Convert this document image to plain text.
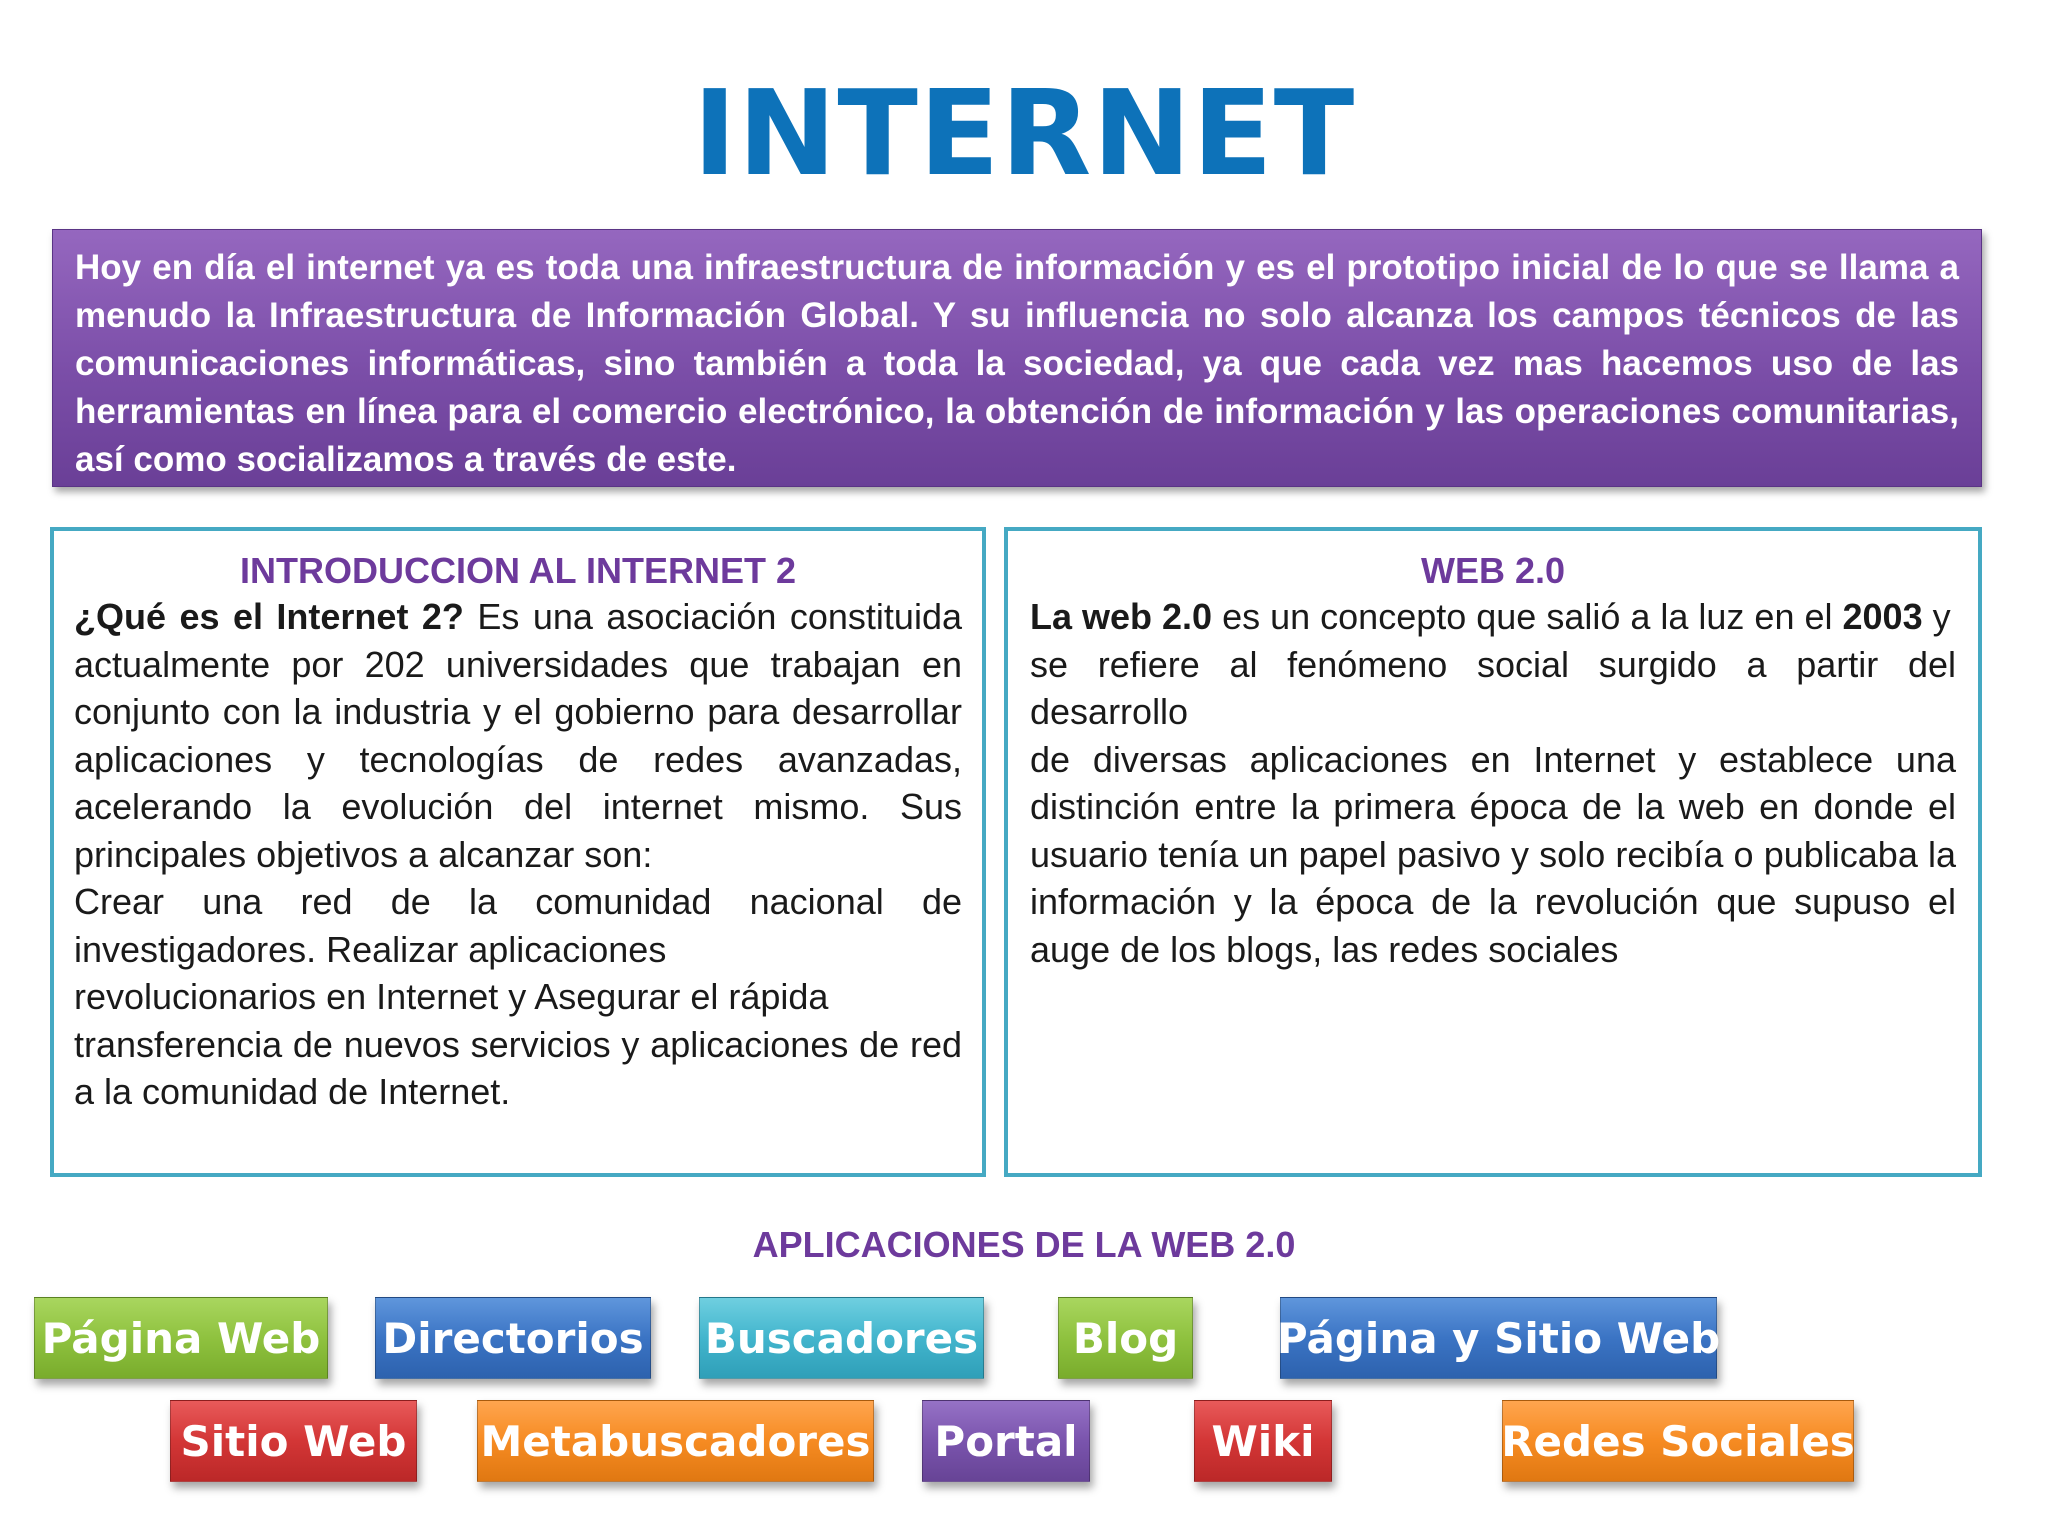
INTERNET
Hoy en día el internet ya es toda una infraestructura de información y es el prototipo inicial de lo que se llama a menudo la Infraestructura de Información Global. Y su influencia no solo alcanza los campos técnicos de las comunicaciones informáticas, sino también a toda la sociedad, ya que cada vez mas hacemos uso de las herramientas en línea para el comercio electrónico, la obtención de información y las operaciones comunitarias, así como socializamos a través de este.
INTRODUCCION AL INTERNET 2

¿Qué es el Internet 2? Es una asociación constituida actualmente por 202 universidades que trabajan en conjunto con la industria y el gobierno para desarrollar aplicaciones y tecnologías de redes avanzadas, acelerando la evolución del internet mismo. Sus principales objetivos a alcanzar son:

Crear una red de la comunidad nacional de investigadores. Realizar aplicaciones

revolucionarios en Internet y Asegurar el rápida

transferencia de nuevos servicios y aplicaciones de red a la comunidad de Internet.

WEB 2.0

La web 2.0 es un concepto que salió a la luz en el 2003 y

se refiere al fenómeno social surgido a partir del desarrollo

de diversas aplicaciones en Internet y establece una distinción entre la primera época de la web en donde el usuario tenía un papel pasivo y solo recibía o publicaba la información y la época de la revolución que supuso el auge de los blogs, las redes sociales

APLICACIONES DE LA WEB 2.0
Página Web Directorios Buscadores	Blog	Página y Sitio Web
Sitio Web Metabuscadores Portal	Wiki	Redes Sociales
